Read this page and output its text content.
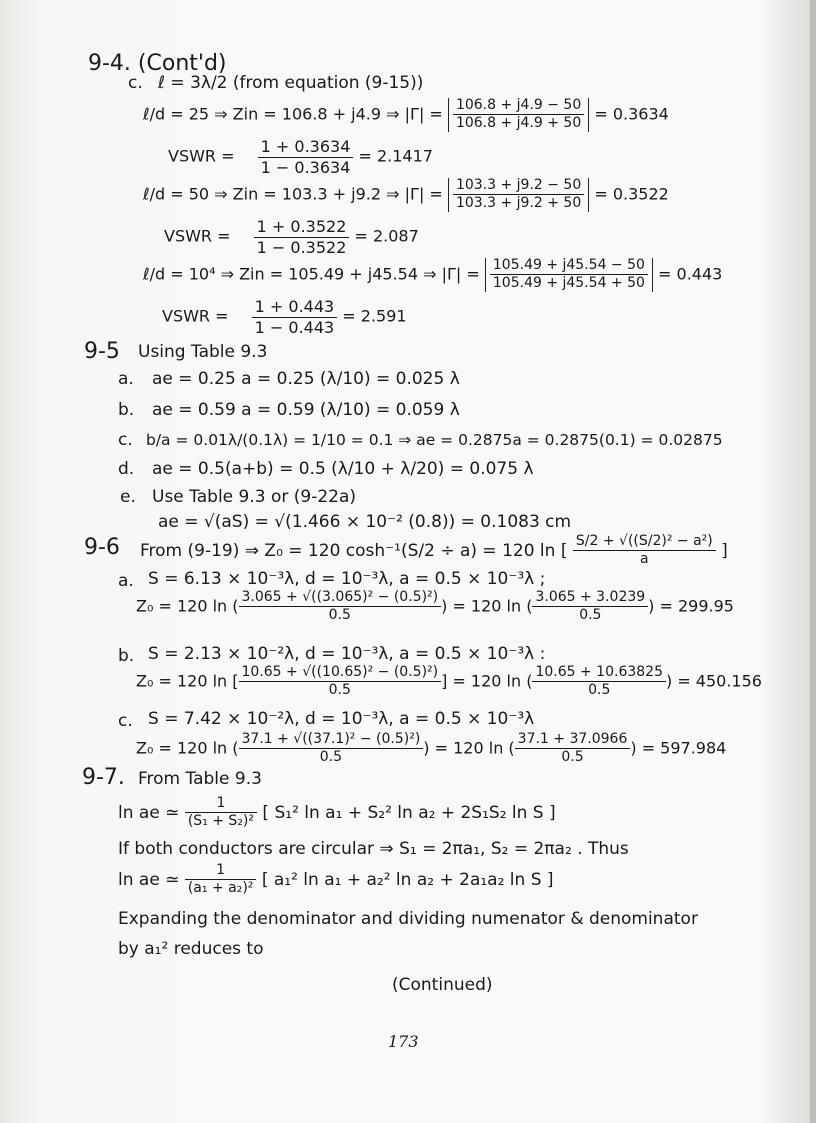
9-4. (Cont'd)
c. ℓ = 3λ/2 (from equation (9-15))
ℓ/d = 25 ⇒ Zin = 106.8 + j4.9 ⇒ $|\Gamma| = \frac{106.8 + j4.9 - 50}{106.8 + j4.9 + 50} = 0.3634$
VSWR = $\frac{1 + 0.3634}{1 - 0.3634} = 2.1417$
ℓ/d = 50 ⇒ Zin = 103.3 + j9.2 ⇒ $|\Gamma| = \frac{103.3 + j9.2 - 50}{103.3 + j9.2 + 50} = 0.3522$
VSWR = $\frac{1 + 0.3522}{1 - 0.3522} = 2.087$
ℓ/d = 10⁴ ⇒ Zin = 105.49 + j45.54 ⇒ $|\Gamma| = \frac{105.49 + j45.54 - 50}{105.49 + j45.54 + 50} = 0.443$
VSWR = $\frac{1 + 0.443}{1 - 0.443} = 2.591$
9-5 Using Table 9.3
a. ae = 0.25 a = 0.25 (λ/10) = 0.025 λ
b. ae = 0.59 a = 0.59 (λ/10) = 0.059 λ
c. b/a = 0.01λ/(0.1λ) = 1/10 = 0.1 ⇒ ae = 0.2875a = 0.2875(0.1) = 0.02875
d. ae = 0.5(a+b) = 0.5 (λ/10 + λ/20) = 0.075 λ
e. Use Table 9.3 or (9-22a)
ae = √(aS) = √(1.466 × 10⁻² (0.8)) = 0.1083 cm
9-6 From (9-19) ⇒ Z₀ = 120 cosh⁻¹(S/2 ÷ a) = 120 ln [ $\frac{\text{S/2 + √((S/2)² − a²)}}{a}$ ]
a. S = 6.13 × 10⁻³λ, d = 10⁻³λ, a = 0.5 × 10⁻³λ ;
Z₀ = 120 ln ( $\frac{\text{3.065 + √((3.065)² − (0.5)²)}}{0.5}$ ) = 120 ln ( $\frac{3.065 + 3.0239}{0.5}$ ) = 299.95
b. S = 2.13 × 10⁻²λ, d = 10⁻³λ, a = 0.5 × 10⁻³λ :
Z₀ = 120 ln [ $\frac{\text{10.65 + √((10.65)² − (0.5)²)}}{0.5}$ ] = 120 ln ( $\frac{10.65 + 10.63825}{0.5}$ ) = 450.156
c. S = 7.42 × 10⁻²λ, d = 10⁻³λ, a = 0.5 × 10⁻³λ
Z₀ = 120 ln ( $\frac{\text{37.1 + √((37.1)² − (0.5)²)}}{0.5}$ ) = 120 ln ( $\frac{37.1 + 37.0966}{0.5}$ ) = 597.984
9-7. From Table 9.3
ln ae ≃ $\frac{1}{\text{(S₁ + S₂)²}}$ [ S₁² ln a₁ + S₂² ln a₂ + 2S₁S₂ ln S ]
If both conductors are circular ⇒ S₁ = 2πa₁, S₂ = 2πa₂ . Thus
ln ae ≃ $\frac{1}{\text{(a₁ + a₂)²}}$ [ a₁² ln a₁ + a₂² ln a₂ + 2a₁a₂ ln S ]
Expanding the denominator and dividing numenator & denominator
by a₁² reduces to
(Continued)
173
